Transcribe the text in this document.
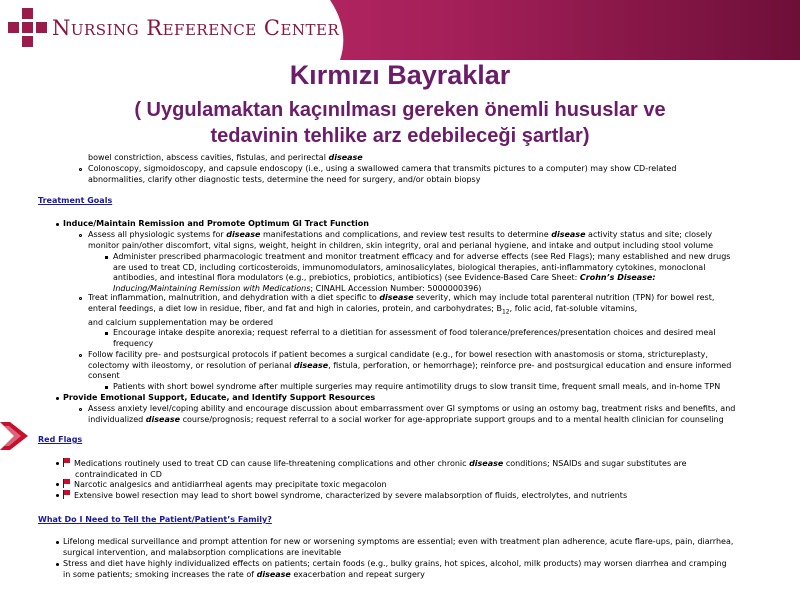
Nursing Reference Center
Kırmızı Bayraklar
( Uygulamaktan kaçınılması gereken önemli hususlar ve
tedavinin tehlike arz edebileceği şartlar)
bowel constriction, abscess cavities, fistulas, and perirectal disease
Colonoscopy, sigmoidoscopy, and capsule endoscopy (i.e., using a swallowed camera that transmits pictures to a computer) may show CD-related
abnormalities, clarify other diagnostic tests, determine the need for surgery, and/or obtain biopsy
Treatment Goals
Induce/Maintain Remission and Promote Optimum GI Tract Function
Assess all physiologic systems for disease manifestations and complications, and review test results to determine disease activity status and site; closely
monitor pain/other discomfort, vital signs, weight, height in children, skin integrity, oral and perianal hygiene, and intake and output including stool volume
Administer prescribed pharmacologic treatment and monitor treatment efficacy and for adverse effects (see Red Flags); many established and new drugs
are used to treat CD, including corticosteroids, immunomodulators, aminosalicylates, biological therapies, anti-inflammatory cytokines, monoclonal
antibodies, and intestinal flora modulators (e.g., prebiotics, probiotics, antibiotics) (see Evidence-Based Care Sheet: Crohn’s Disease:
Inducing/Maintaining Remission with Medications; CINAHL Accession Number: 5000000396)
Treat inflammation, malnutrition, and dehydration with a diet specific to disease severity, which may include total parenteral nutrition (TPN) for bowel rest,
enteral feedings, a diet low in residue, fiber, and fat and high in calories, protein, and carbohydrates; $B_{12}$, folic acid, fat-soluble vitamins,
and calcium supplementation may be ordered
Encourage intake despite anorexia; request referral to a dietitian for assessment of food tolerance/preferences/presentation choices and desired meal
frequency
Follow facility pre- and postsurgical protocols if patient becomes a surgical candidate (e.g., for bowel resection with anastomosis or stoma, strictureplasty,
colectomy with ileostomy, or resolution of perianal disease, fistula, perforation, or hemorrhage); reinforce pre- and postsurgical education and ensure informed
consent
Patients with short bowel syndrome after multiple surgeries may require antimotility drugs to slow transit time, frequent small meals, and in-home TPN
Provide Emotional Support, Educate, and Identify Support Resources
Assess anxiety level/coping ability and encourage discussion about embarrassment over GI symptoms or using an ostomy bag, treatment risks and benefits, and
individualized disease course/prognosis; request referral to a social worker for age-appropriate support groups and to a mental health clinician for counseling
Red Flags
Medications routinely used to treat CD can cause life-threatening complications and other chronic disease conditions; NSAIDs and sugar substitutes are
contraindicated in CD
Narcotic analgesics and antidiarrheal agents may precipitate toxic megacolon
Extensive bowel resection may lead to short bowel syndrome, characterized by severe malabsorption of fluids, electrolytes, and nutrients
What Do I Need to Tell the Patient/Patient’s Family?
Lifelong medical surveillance and prompt attention for new or worsening symptoms are essential; even with treatment plan adherence, acute flare-ups, pain, diarrhea,
surgical intervention, and malabsorption complications are inevitable
Stress and diet have highly individualized effects on patients; certain foods (e.g., bulky grains, hot spices, alcohol, milk products) may worsen diarrhea and cramping
in some patients; smoking increases the rate of disease exacerbation and repeat surgery
